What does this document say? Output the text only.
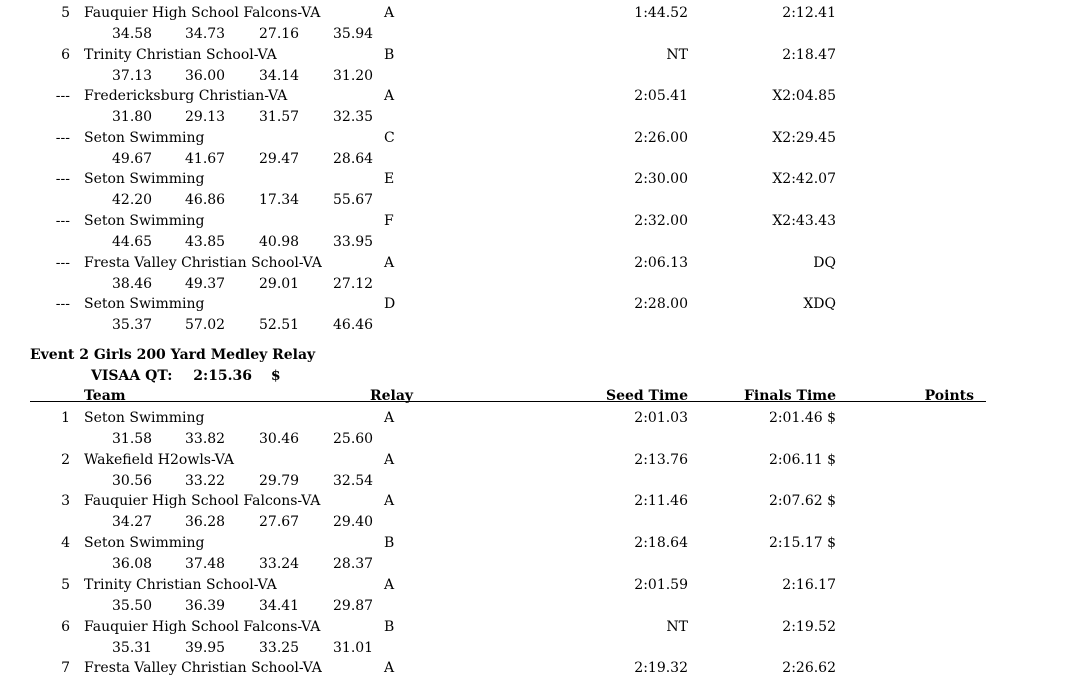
5 Fauquier High School Falcons-VA	A	1:44.52	2:12.41
34.58 34.73 27.16 35.94
6 Trinity Christian School-VA	B	NT	2:18.47
37.13 36.00 34.14 31.20
--- Fredericksburg Christian-VA	A	2:05.41	X2:04.85
31.80 29.13 31.57 32.35
--- Seton Swimming	C	2:26.00	X2:29.45
49.67 41.67 29.47 28.64
--- Seton Swimming	E	2:30.00	X2:42.07
42.20 46.86 17.34 55.67
--- Seton Swimming	F	2:32.00	X2:43.43
44.65 43.85 40.98 33.95
--- Fresta Valley Christian School-VA	A	2:06.13	DQ
38.46 49.37 29.01 27.12
--- Seton Swimming	D	2:28.00	XDQ
35.37 57.02 52.51 46.46
Event 2 Girls 200 Yard Medley Relay
VISAA QT: 2:15.36 $
Team	Relay	Seed Time	Finals Time	Points
1 Seton Swimming	A	2:01.03	2:01.46 $
31.58 33.82 30.46 25.60
2 Wakefield H2owls-VA	A	2:13.76	2:06.11 $
30.56 33.22 29.79 32.54
3 Fauquier High School Falcons-VA	A	2:11.46	2:07.62 $
34.27 36.28 27.67 29.40
4 Seton Swimming	B	2:18.64	2:15.17 $
36.08 37.48 33.24 28.37
5 Trinity Christian School-VA	A	2:01.59	2:16.17
35.50 36.39 34.41 29.87
6 Fauquier High School Falcons-VA	B	NT	2:19.52
35.31 39.95 33.25 31.01
7 Fresta Valley Christian School-VA	A	2:19.32	2:26.62
